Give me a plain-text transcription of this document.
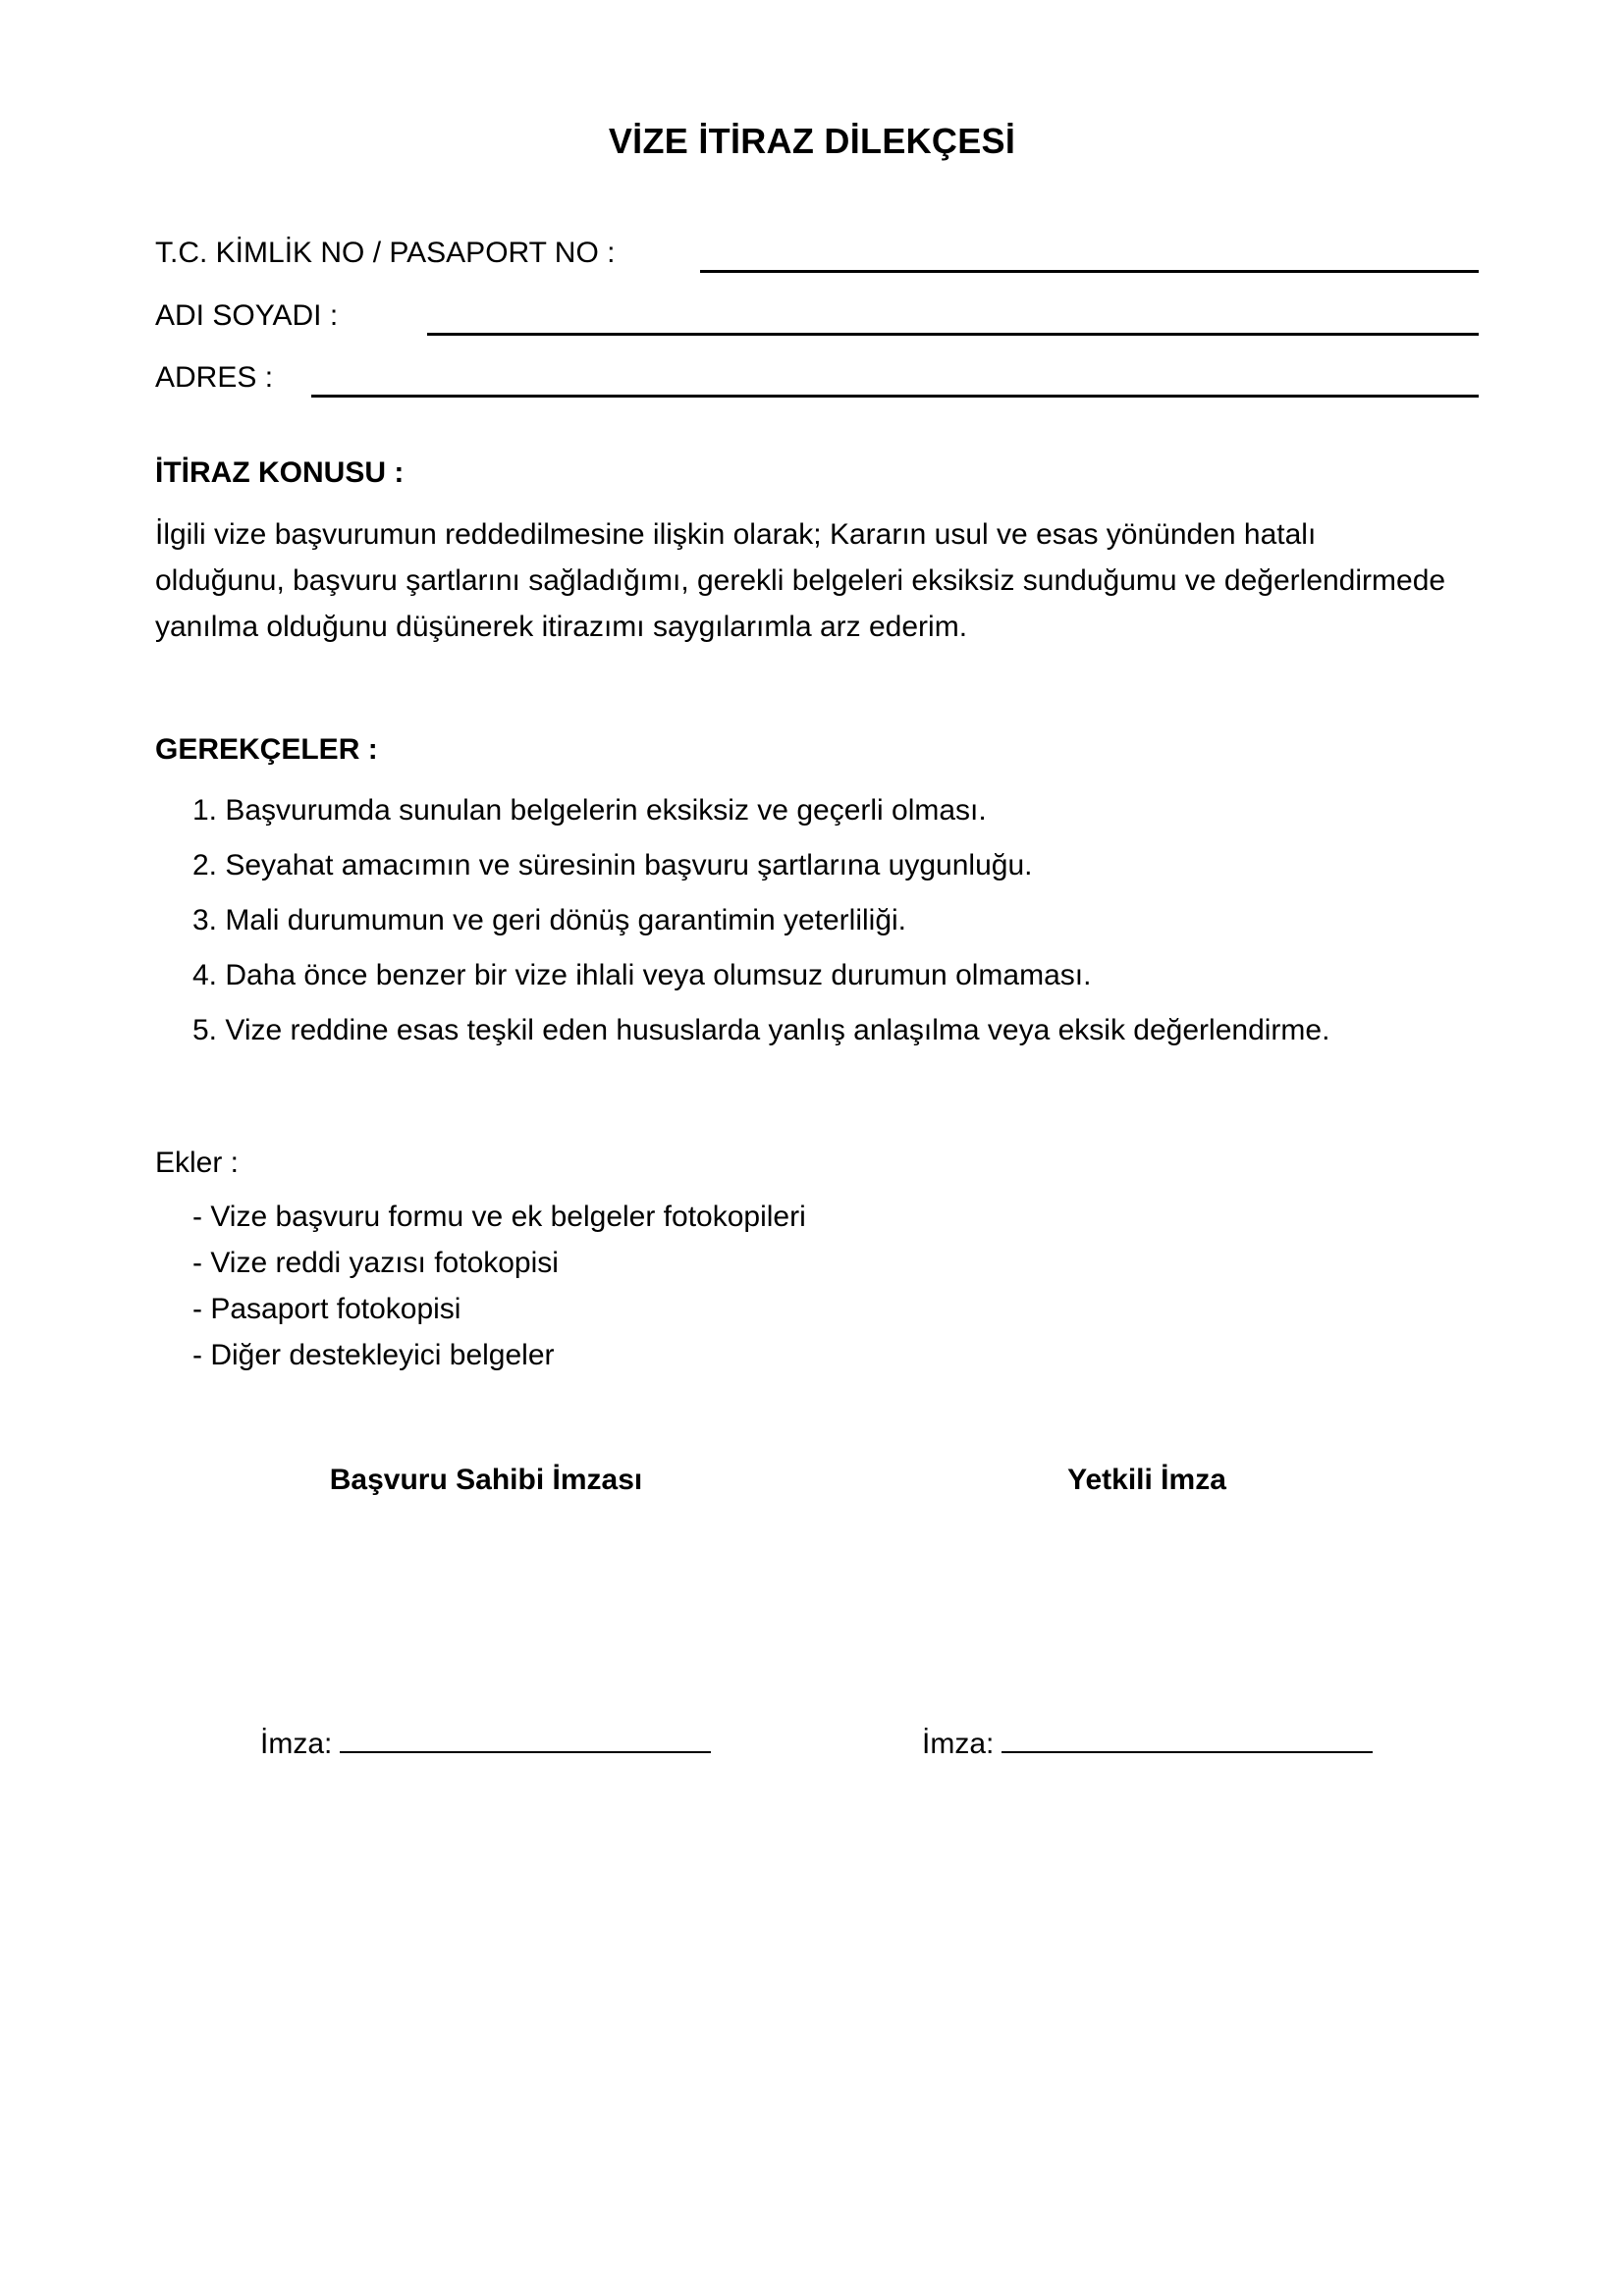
VİZE İTİRAZ DİLEKÇESİ
T.C. KİMLİK NO / PASAPORT NO :
ADI SOYADI :
ADRES :
İTİRAZ KONUSU :
İlgili vize başvurumun reddedilmesine ilişkin olarak; Kararın usul ve esas yönünden hatalı
olduğunu, başvuru şartlarını sağladığımı, gerekli belgeleri eksiksiz sunduğumu ve değerlendirmede
yanılma olduğunu düşünerek itirazımı saygılarımla arz ederim.
GEREKÇELER :
1. Başvurumda sunulan belgelerin eksiksiz ve geçerli olması.
2. Seyahat amacımın ve süresinin başvuru şartlarına uygunluğu.
3. Mali durumumun ve geri dönüş garantimin yeterliliği.
4. Daha önce benzer bir vize ihlali veya olumsuz durumun olmaması.
5. Vize reddine esas teşkil eden hususlarda yanlış anlaşılma veya eksik değerlendirme.
Ekler :
- Vize başvuru formu ve ek belgeler fotokopileri
- Vize reddi yazısı fotokopisi
- Pasaport fotokopisi
- Diğer destekleyici belgeler
Başvuru Sahibi İmzası	Yetkili İmza
İmza:	İmza:
